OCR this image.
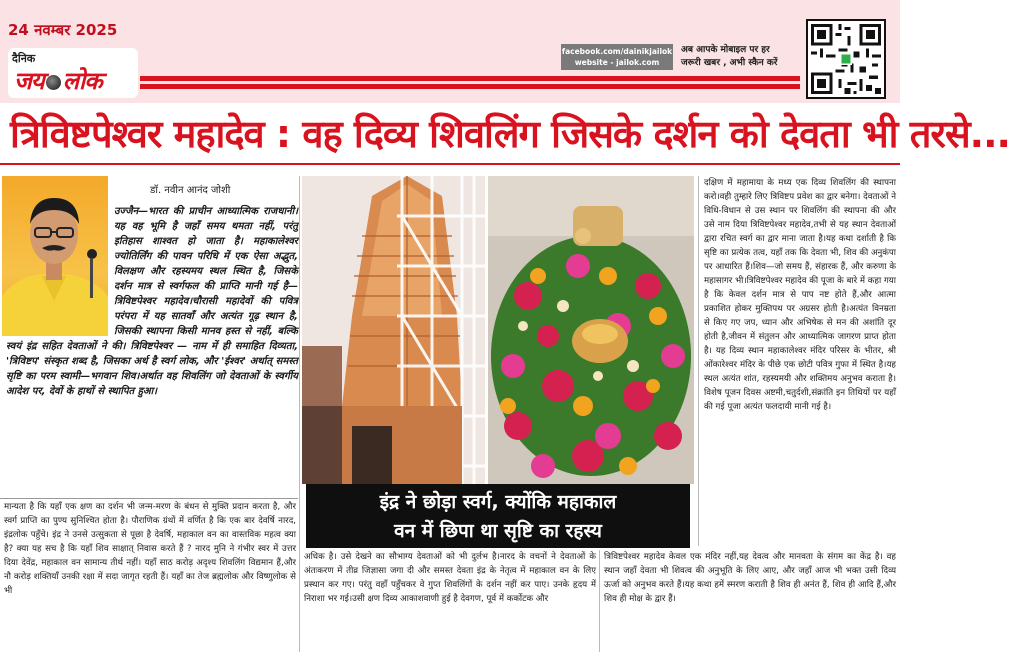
24 नवम्बर 2025
दैनिक
जय लोक
facebook.com/dainikjailok
website - jailok.com
अब आपके मोबाइल पर हर
जरूरी खबर , अभी स्कैन करें
त्रिविष्टपेश्वर महादेव : वह दिव्य शिवलिंग जिसके दर्शन को देवता भी तरसे...
डॉ. नवीन आनंद जोशी
उज्जैन—भारत की प्राचीन आध्यात्मिक राजधानी। यह वह भूमि है जहाँ समय थमता नहीं, परंतु इतिहास शाश्वत हो जाता है। महाकालेश्वर ज्योतिर्लिंग की पावन परिधि में एक ऐसा अद्भुत, विलक्षण और रहस्यमय स्थल स्थित है, जिसके दर्शन मात्र से स्वर्गफल की प्राप्ति मानी गई है— त्रिविष्टपेश्वर महादेव।चौरासी महादेवों की पवित्र परंपरा में यह सातवाँ और अत्यंत गूढ़ स्थान है, जिसकी स्थापना किसी मानव हस्त से नहीं, बल्कि स्वयं इंद्र सहित देवताओं ने की। त्रिविष्टपेश्वर — नाम में ही समाहित दिव्यता, 'त्रिविष्टप' संस्कृत शब्द है, जिसका अर्थ है स्वर्ग लोक, और 'ईश्वर' अर्थात् समस्त सृष्टि का परम स्वामी—भगवान शिव।अर्थात वह शिवलिंग जो देवताओं के स्वर्गीय आदेश पर, देवों के हाथों से स्थापित हुआ।
मान्यता है कि यहाँ एक क्षण का दर्शन भी जन्म-मरण के बंधन से मुक्ति प्रदान करता है, और स्वर्ग प्राप्ति का पुण्य सुनिश्चित होता है। पौराणिक ग्रंथों में वर्णित है कि एक बार देवर्षि नारद, इंद्रलोक पहुँचे। इंद्र ने उनसे उत्सुकता से पूछा है देवर्षि, महाकाल वन का वास्तविक महत्व क्या है? क्या यह सच है कि यहाँ शिव साक्षात् निवास करते हैं ? नारद मुनि ने गंभीर स्वर में उत्तर दिया देवेंद्र, महाकाल वन सामान्य तीर्थ नहीं। यहाँ साठ करोड़ अदृश्य शिवलिंग विद्यमान हैं,और नौ करोड़ शक्तियाँ उनकी रक्षा में सदा जागृत रहती हैं। यहाँ का तेज ब्रह्मलोक और विष्णुलोक से भी
इंद्र ने छोड़ा स्वर्ग, क्योंकि महाकाल
वन में छिपा था सृष्टि का रहस्य
अधिक है। उसे देखने का सौभाग्य देवताओं को भी दुर्लभ है।नारद के वचनों ने देवताओं के अंतःकरण में तीव्र जिज्ञासा जगा दी और समस्त देवता इंद्र के नेतृत्व में महाकाल वन के लिए प्रस्थान कर गए। परंतु वहाँ पहुँचकर वे गुप्त शिवलिंगों के दर्शन नहीं कर पाए। उनके हृदय में निराशा भर गई।उसी क्षण दिव्य आकाशवाणी हुई है देवगण, पूर्व में कर्कोटक और
त्रिविष्टपेश्वर महादेव केवल एक मंदिर नहीं,यह देवत्व और मानवता के संगम का केंद्र है। वह स्थान जहाँ देवता भी शिवत्व की अनुभूति के लिए आए, और जहाँ आज भी भक्त उसी दिव्य ऊर्जा को अनुभव करते हैं।यह कथा हमें स्मरण कराती है शिव ही अनंत हैं, शिव ही आदि हैं,और शिव ही मोक्ष के द्वार हैं।
दक्षिण में महामाया के मध्य एक दिव्य शिवलिंग की स्थापना करो।वही तुम्हारे लिए त्रिविष्टप प्रवेश का द्वार बनेगा। देवताओं ने विधि-विधान से उस स्थान पर शिवलिंग की स्थापना की और उसे नाम दिया त्रिविष्टपेश्वर महादेव,तभी से यह स्थान देवताओं द्वारा रचित स्वर्ग का द्वार माना जाता है।यह कथा दर्शाती है कि सृष्टि का प्रत्येक तत्व, यहाँ तक कि देवता भी, शिव की अनुकंपा पर आधारित हैं।शिव—जो समय हैं, संहारक हैं, और करुणा के महासागर भी।त्रिविष्टपेश्वर महादेव की पूजा के बारे में कहा गया है कि केवल दर्शन मात्र से पाप नष्ट होते हैं,और आत्मा प्रकाशित होकर मुक्तिपथ पर अग्रसर होती है।अत्यंत विनम्रता से किए गए जप, ध्यान और अभिषेक से मन की अशांति दूर होती है,जीवन में संतुलन और आध्यात्मिक जागरण प्राप्त होता है। यह दिव्य स्थान महाकालेश्वर मंदिर परिसर के भीतर, श्री ओंकारेश्वर मंदिर के पीछे एक छोटी पवित्र गुफा में स्थित है।यह स्थल अत्यंत शांत, रहस्यमयी और शक्तिमय अनुभव कराता है। विशेष पूजन दिवस अष्टमी,चतुर्दशी,संक्रांति इन तिथियों पर यहाँ की गई पूजा अत्यंत फलदायी मानी गई है।
